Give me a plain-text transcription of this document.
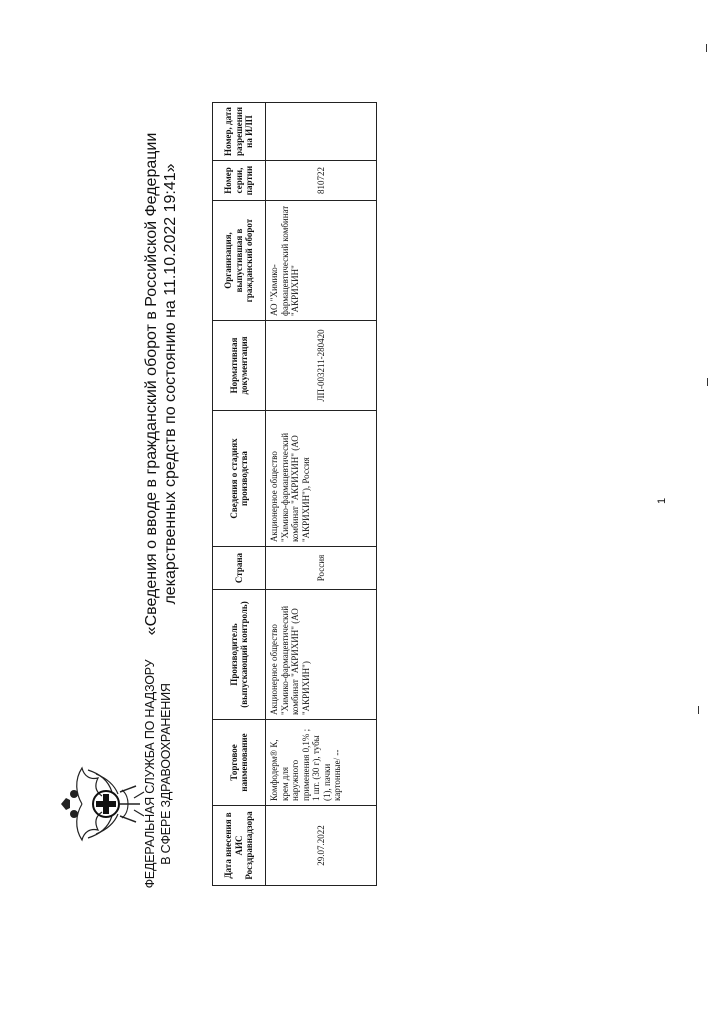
ФЕДЕРАЛЬНАЯ СЛУЖБА ПО НАДЗОРУ В СФЕРЕ ЗДРАВООХРАНЕНИЯ
«Сведения о вводе в гражданский оборот в Российской Федерации лекарственных средств по состоянию на 11.10.2022 19:41»
Дата внесения в АИС Росздравнадзора	Торговое наименование	Производитель (выпускающий контроль)	Страна	Сведения о стадиях производства	Нормативная документация	Организация, выпустившая в гражданский оборот	Номер серии, партии	Номер, дата разрешения на ИЛП
29.07.2022	Комфодерм® К, крем для наружного применения 0,1% ; 1 шт. (30 г), тубы (1), пачки картонные/ --	Акционерное общество "Химико-фармацевтический комбинат "АКРИХИН" (АО "АКРИХИН")	Россия	Акционерное общество "Химико-фармацевтический комбинат "АКРИХИН" (АО "АКРИХИН"), Россия	ЛП-003211-280420	АО "Химико-фармацевтический комбинат "АКРИХИН"	810722	
1
